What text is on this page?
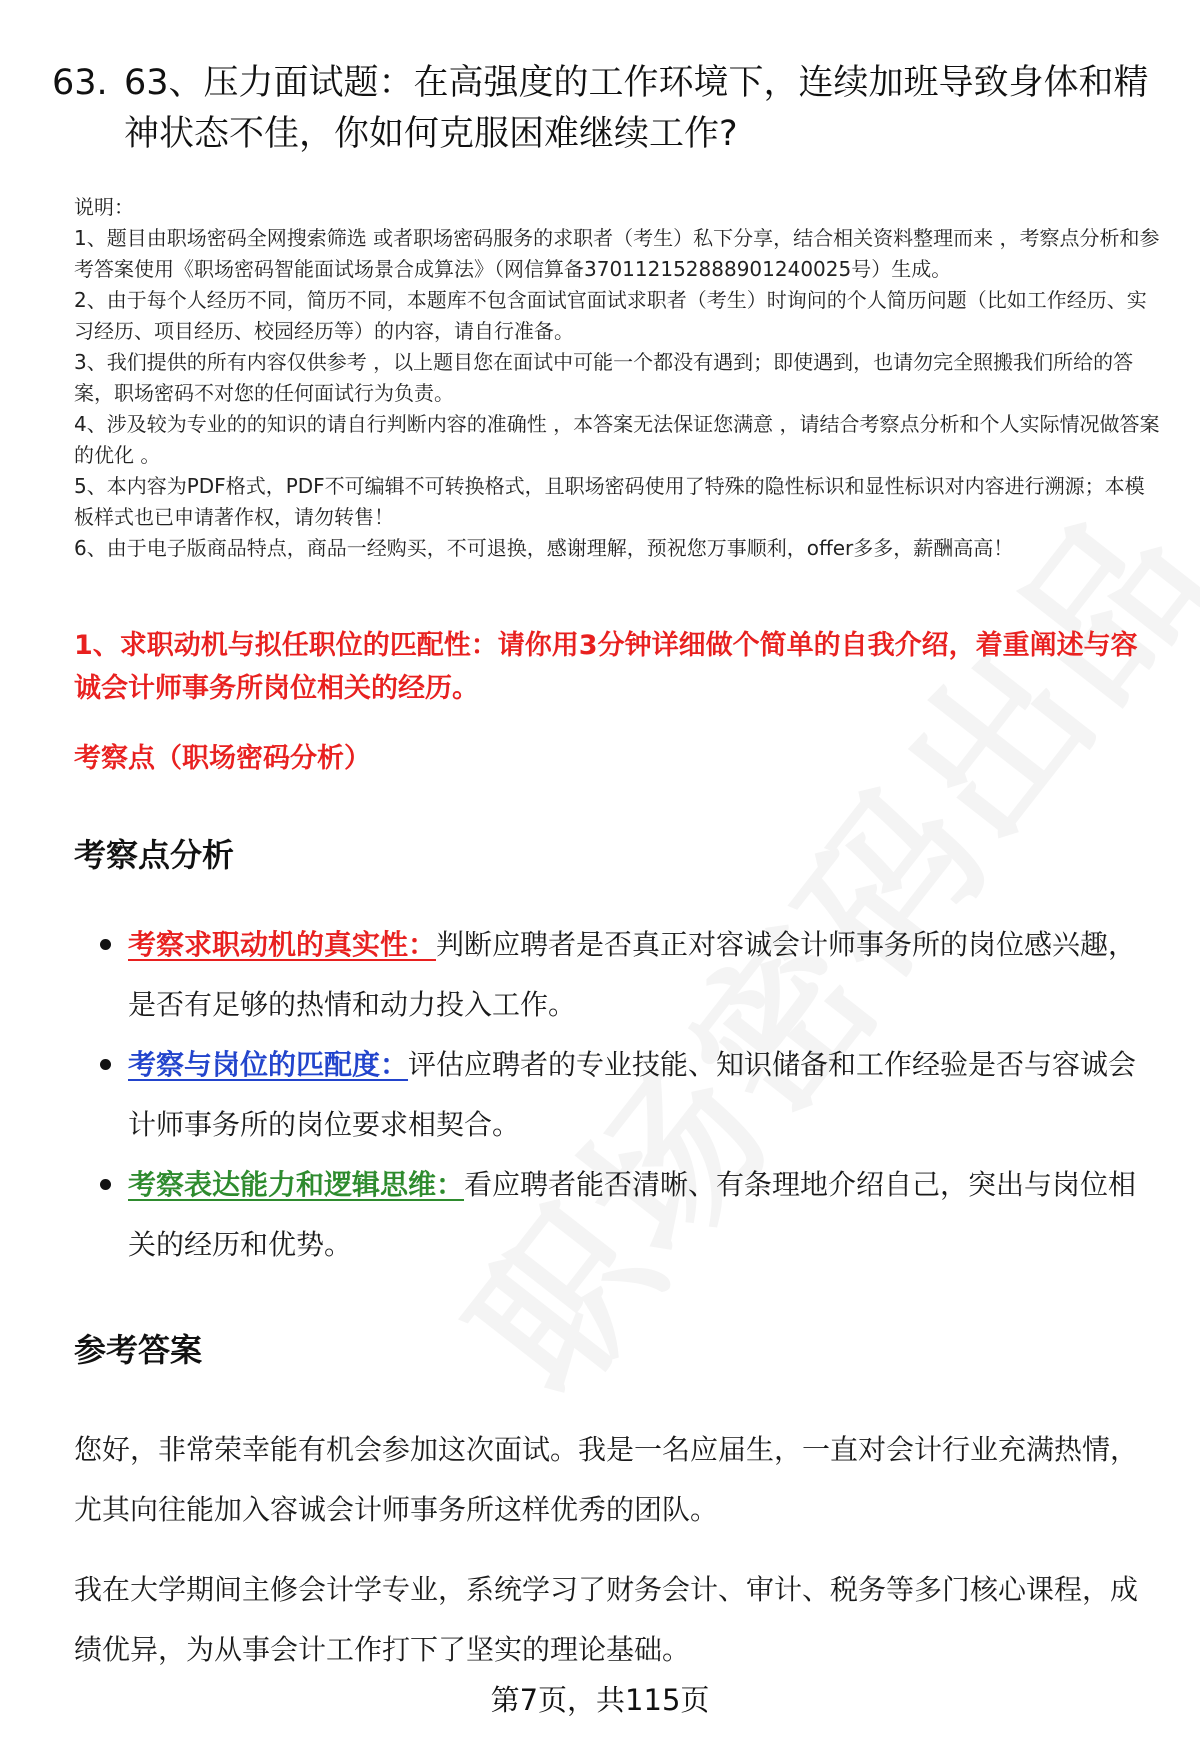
63. 63、压力面试题：在高强度的工作环境下，连续加班导致身体和精神状态不佳，你如何克服困难继续工作?

说明：

1、题目由职场密码全网搜索筛选 或者职场密码服务的求职者（考生）私下分享，结合相关资料整理而来 ，考察点分析和参考答案使用《职场密码智能面试场景合成算法》（网信算备370112152888901240025号）生成。

2、由于每个人经历不同，简历不同，本题库不包含面试官面试求职者（考生）时询问的个人简历问题（比如工作经历、实习经历、项目经历、校园经历等）的内容，请自行准备。

3、我们提供的所有内容仅供参考 ，以上题目您在面试中可能一个都没有遇到；即使遇到，也请勿完全照搬我们所给的答案，职场密码不对您的任何面试行为负责。

4、涉及较为专业的的知识的请自行判断内容的准确性 ，本答案无法保证您满意 ，请结合考察点分析和个人实际情况做答案的优化 。

5、本内容为PDF格式，PDF不可编辑不可转换格式，且职场密码使用了特殊的隐性标识和显性标识对内容进行溯源；本模板样式也已申请著作权，请勿转售！

6、由于电子版商品特点，商品一经购买，不可退换，感谢理解，预祝您万事顺利，offer多多，薪酬高高！

1、求职动机与拟任职位的匹配性：请你用3分钟详细做个简单的自我介绍，着重阐述与容诚会计师事务所岗位相关的经历。
考察点（职场密码分析）
考察点分析
考察求职动机的真实性：判断应聘者是否真正对容诚会计师事务所的岗位感兴趣，是否有足够的热情和动力投入工作。
考察与岗位的匹配度：评估应聘者的专业技能、知识储备和工作经验是否与容诚会计师事务所的岗位要求相契合。
考察表达能力和逻辑思维：看应聘者能否清晰、有条理地介绍自己，突出与岗位相关的经历和优势。
参考答案

您好，非常荣幸能有机会参加这次面试。我是一名应届生，一直对会计行业充满热情，尤其向往能加入容诚会计师事务所这样优秀的团队。

我在大学期间主修会计学专业，系统学习了财务会计、审计、税务等多门核心课程，成绩优异，为从事会计工作打下了坚实的理论基础。

第7页，共115页
